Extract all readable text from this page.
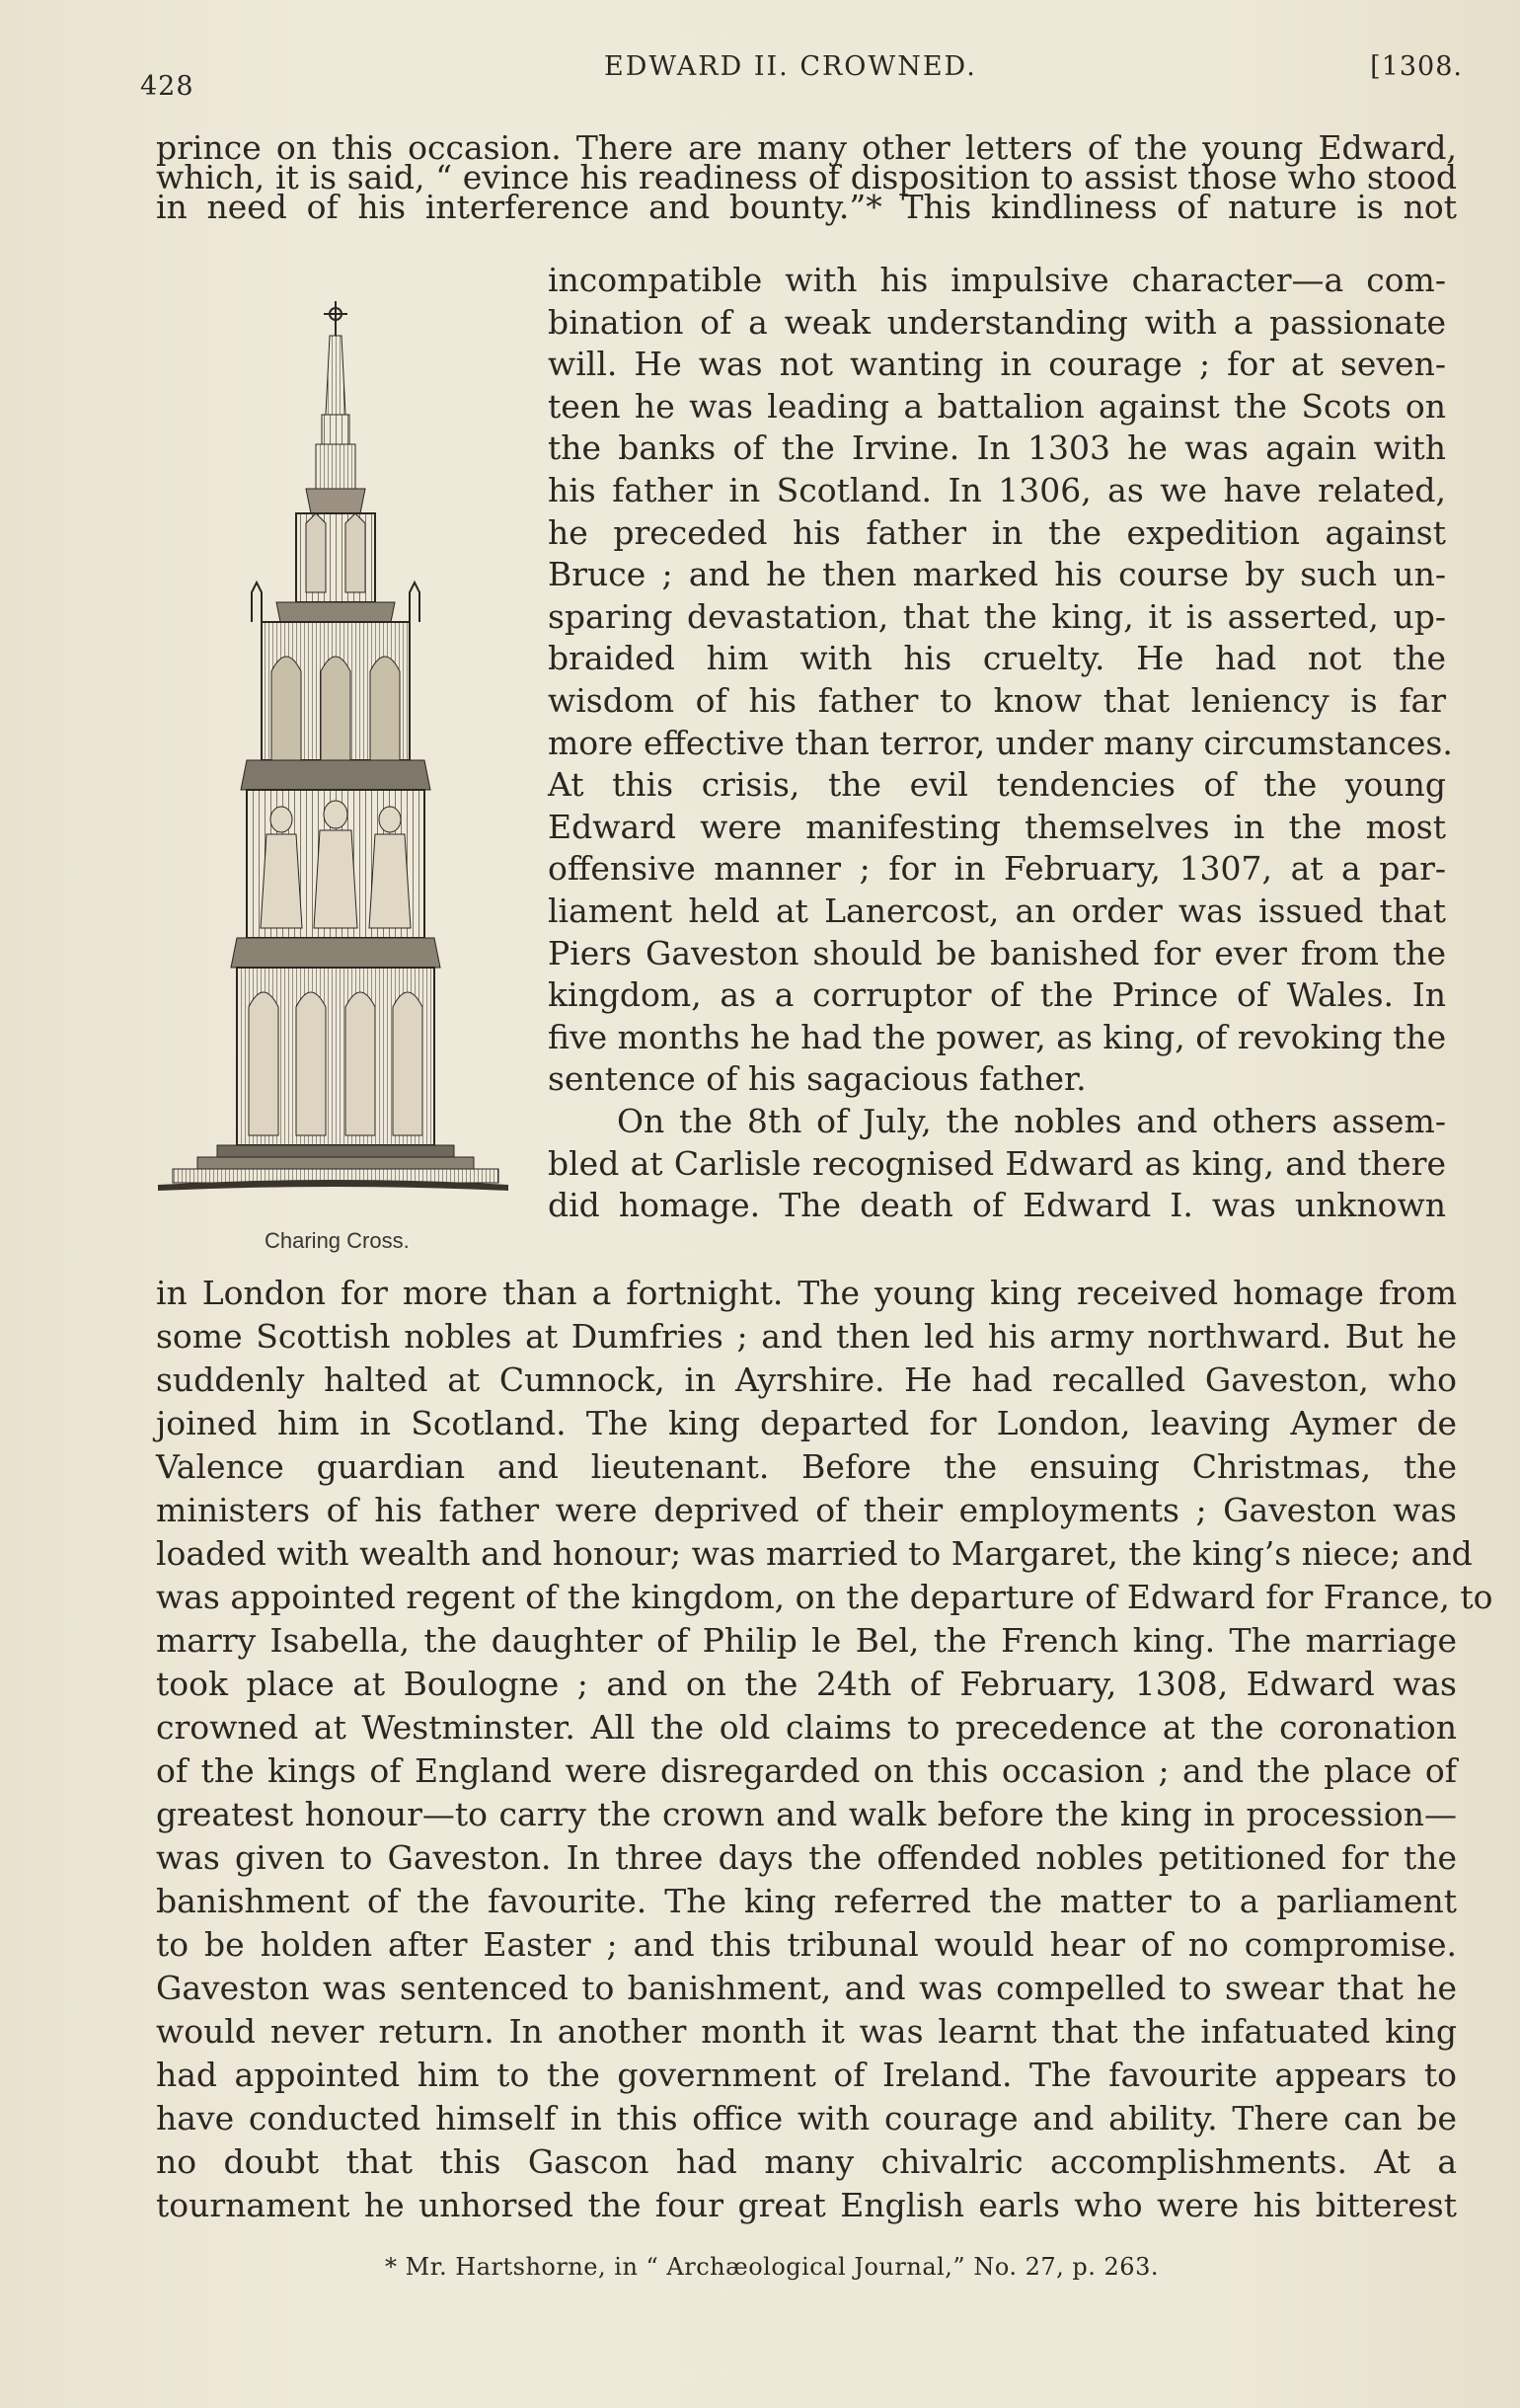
428
EDWARD II. CROWNED.	[1308.
prince on this occasion. There are many other letters of the young Edward,
which, it is said, “ evince his readiness of disposition to assist those who stood
in need of his interference and bounty.”* This kindliness of nature is not
incompatible with his impulsive character—a com-
bination of a weak understanding with a passionate
will. He was not wanting in courage ; for at seven-
teen he was leading a battalion against the Scots on
the banks of the Irvine. In 1303 he was again with
his father in Scotland. In 1306, as we have related,
he preceded his father in the expedition against
Bruce ; and he then marked his course by such un-
sparing devastation, that the king, it is asserted, up-
braided him with his cruelty. He had not the
wisdom of his father to know that leniency is far
more effective than terror, under many circumstances.
At this crisis, the evil tendencies of the young
Edward were manifesting themselves in the most
offensive manner ; for in February, 1307, at a par-
liament held at Lanercost, an order was issued that
Piers Gaveston should be banished for ever from the
kingdom, as a corruptor of the Prince of Wales. In
five months he had the power, as king, of revoking the
sentence of his sagacious father.
On the 8th of July, the nobles and others assem-
bled at Carlisle recognised Edward as king, and there
did homage. The death of Edward I. was unknown
in London for more than a fortnight. The young king received homage from
some Scottish nobles at Dumfries ; and then led his army northward. But he
suddenly halted at Cumnock, in Ayrshire. He had recalled Gaveston, who
joined him in Scotland. The king departed for London, leaving Aymer de
Valence guardian and lieutenant. Before the ensuing Christmas, the
ministers of his father were deprived of their employments ; Gaveston was
loaded with wealth and honour; was married to Margaret, the king’s niece; and
was appointed regent of the kingdom, on the departure of Edward for France, to
marry Isabella, the daughter of Philip le Bel, the French king. The marriage
took place at Boulogne ; and on the 24th of February, 1308, Edward was
crowned at Westminster. All the old claims to precedence at the coronation
of the kings of England were disregarded on this occasion ; and the place of
greatest honour—to carry the crown and walk before the king in procession—
was given to Gaveston. In three days the offended nobles petitioned for the
banishment of the favourite. The king referred the matter to a parliament
to be holden after Easter ; and this tribunal would hear of no compromise.
Gaveston was sentenced to banishment, and was compelled to swear that he
would never return. In another month it was learnt that the infatuated king
had appointed him to the government of Ireland. The favourite appears to
have conducted himself in this office with courage and ability. There can be
no doubt that this Gascon had many chivalric accomplishments. At a
tournament he unhorsed the four great English earls who were his bitterest
Charing Cross.
* Mr. Hartshorne, in “ Archæological Journal,” No. 27, p. 263.
